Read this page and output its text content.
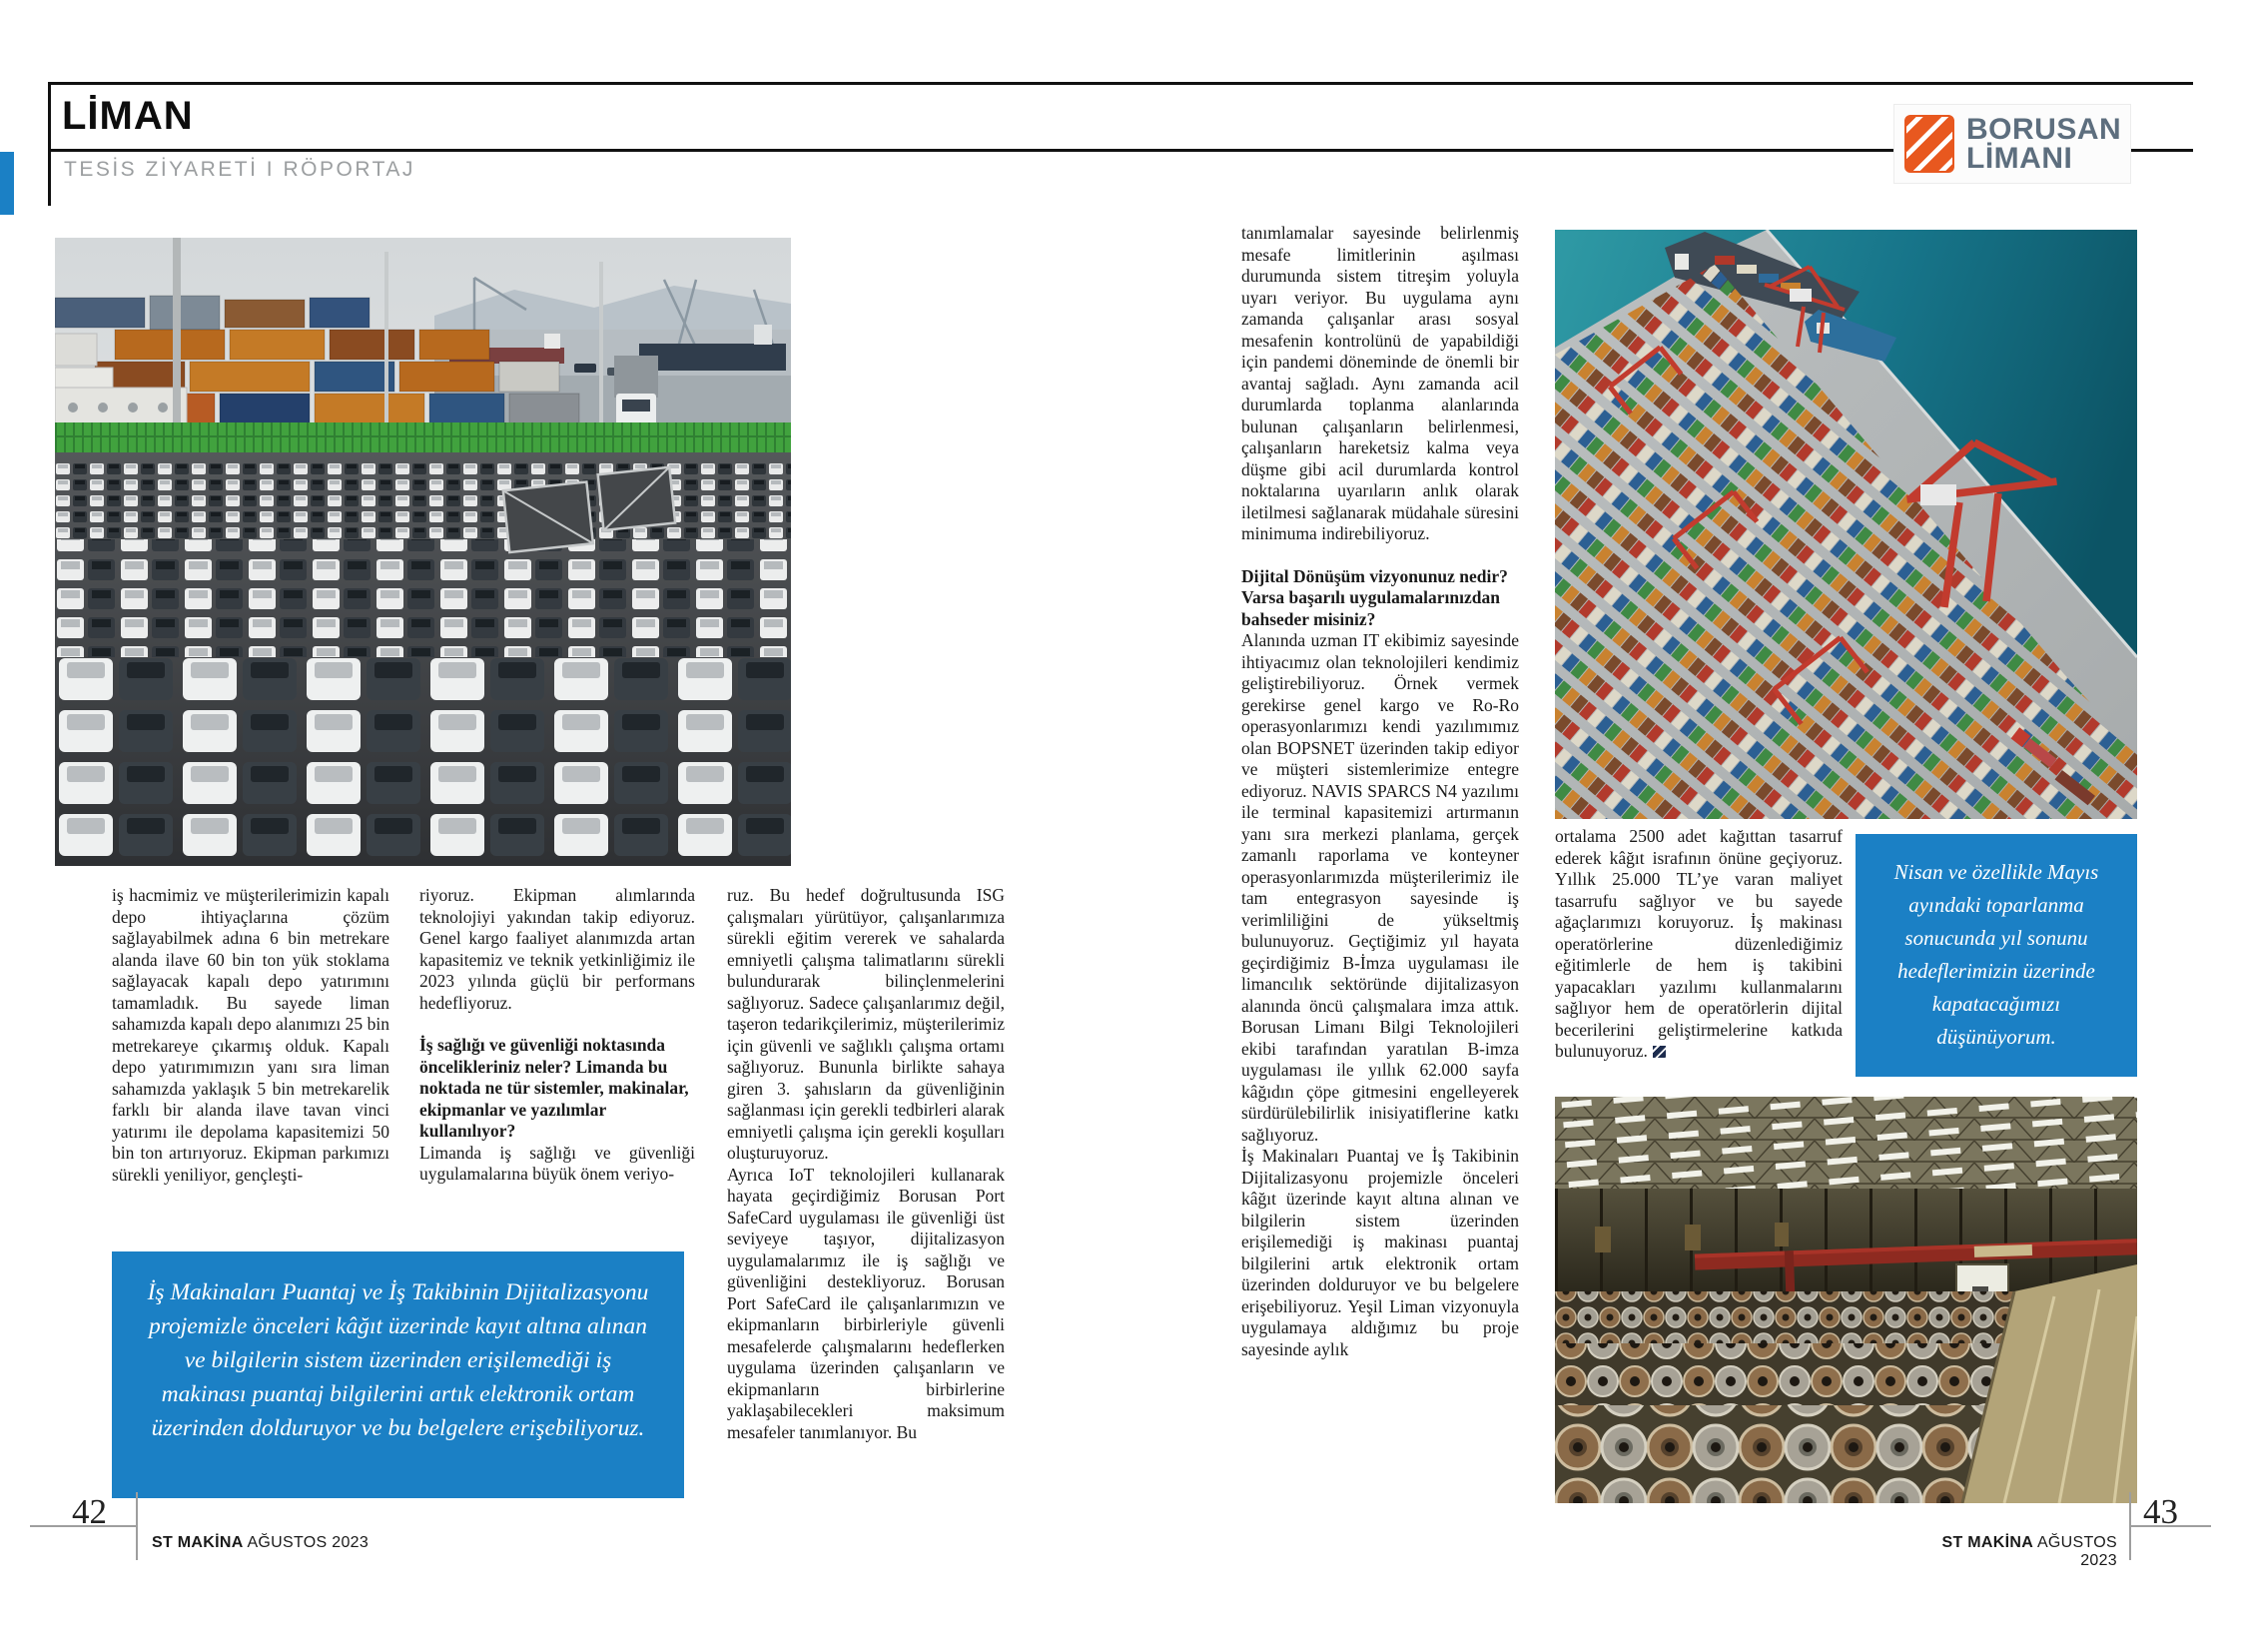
LİMAN
TESİS ZİYARETİ I RÖPORTAJ
BORUSAN
LİMANI

iş hacmimiz ve müşterilerimizin kapalı depo ihtiyaçlarına çözüm sağlayabilmek adına 6 bin metrekare alanda ilave 60 bin ton yük stoklama sağlayacak kapalı depo yatırımını tamamladık. Bu sayede liman sahamızda kapalı depo alanımızı 25 bin metrekareye çıkarmış olduk. Kapalı depo yatırımımızın yanı sıra liman sahamızda yaklaşık 5 bin metrekarelik farklı bir alanda ilave tavan vinci yatırımı ile depolama kapasitemizi 50 bin ton artırıyoruz. Ekipman parkımızı sürekli yeniliyor, gençleşti-

riyoruz. Ekipman alımlarında teknolojiyi yakından takip ediyoruz. Genel kargo faaliyet alanımızda artan kapasitemiz ve teknik yetkinliğimiz ile 2023 yılında güçlü bir performans hedefliyoruz.

İş sağlığı ve güvenliği noktasında öncelikleriniz neler? Limanda bu noktada ne tür sistemler, makinalar, ekipmanlar ve yazılımlar kullanılıyor?

Limanda iş sağlığı ve güvenliği uygulamalarına büyük önem veriyo-

ruz. Bu hedef doğrultusunda ISG çalışmaları yürütüyor, çalışanlarımıza sürekli eğitim vererek ve sahalarda emniyetli çalışma talimatlarını sürekli bulundurarak bilinçlenmelerini sağlıyoruz. Sadece çalışanlarımız değil, taşeron tedarikçilerimiz, müşterilerimiz için güvenli ve sağlıklı çalışma ortamı sağlıyoruz. Bununla birlikte sahaya giren 3. şahısların da güvenliğinin sağlanması için gerekli tedbirleri alarak emniyetli çalışma için gerekli koşulları oluşturuyoruz.

Ayrıca IoT teknolojileri kullanarak hayata geçirdiğimiz Borusan Port SafeCard uygulaması ile güvenliği üst seviyeye taşıyor, dijitalizasyon uygulamalarımız ile iş sağlığı ve güvenliğini destekliyoruz. Borusan Port SafeCard ile çalışanlarımızın ve ekipmanların birbirleriyle güvenli mesafelerde çalışmalarını hedeflerken uygulama üzerinden çalışanların ve ekipmanların birbirlerine yaklaşabilecekleri maksimum mesafeler tanımlanıyor. Bu

İş Makinaları Puantaj ve İş Takibinin Dijitalizasyonu projemizle önceleri kâğıt üzerinde kayıt altına alınan ve bilgilerin sistem üzerinden erişilemediği iş makinası puantaj bilgilerini artık elektronik ortam üzerinden dolduruyor ve bu belgelere erişebiliyoruz.

tanımlamalar sayesinde belirlenmiş mesafe limitlerinin aşılması durumunda sistem titreşim yoluyla uyarı veriyor. Bu uygulama aynı zamanda çalışanlar arası sosyal mesafenin kontrolünü de yapabildiği için pandemi döneminde de önemli bir avantaj sağladı. Aynı zamanda acil durumlarda toplanma alanlarında bulunan çalışanların belirlenmesi, çalışanların hareketsiz kalma veya düşme gibi acil durumlarda kontrol noktalarına uyarıların anlık olarak iletilmesi sağlanarak müdahale süresini minimuma indirebiliyoruz.

Dijital Dönüşüm vizyonunuz nedir? Varsa başarılı uygulamalarınızdan bahseder misiniz?

Alanında uzman IT ekibimiz sayesinde ihtiyacımız olan teknolojileri kendimiz geliştirebiliyoruz. Örnek vermek gerekirse genel kargo ve Ro-Ro operasyonlarımızı kendi yazılımımız olan BOPSNET üzerinden takip ediyor ve müşteri sistemlerimize entegre ediyoruz. NAVIS SPARCS N4 yazılımı ile terminal kapasitemizi artırmanın yanı sıra merkezi planlama, gerçek zamanlı raporlama ve konteyner operasyonlarımızda müşterilerimiz ile tam entegrasyon sayesinde iş verimliliğini de yükseltmiş bulunuyoruz. Geçtiğimiz yıl hayata geçirdiğimiz B-İmza uygulaması ile limancılık sektöründe dijitalizasyon alanında öncü çalışmalara imza attık. Borusan Limanı Bilgi Teknolojileri ekibi tarafından yaratılan B-imza uygulaması ile yıllık 62.000 sayfa kâğıdın çöpe gitmesini engelleyerek sürdürülebilirlik inisiyatiflerine katkı sağlıyoruz.

İş Makinaları Puantaj ve İş Takibinin Dijitalizasyonu projemizle önceleri kâğıt üzerinde kayıt altına alınan ve bilgilerin sistem üzerinden erişilemediği iş makinası puantaj bilgilerini artık elektronik ortam üzerinden dolduruyor ve bu belgelere erişebiliyoruz. Yeşil Liman vizyonuyla uygulamaya aldığımız bu proje sayesinde aylık

ortalama 2500 adet kağıttan tasarruf ederek kâğıt israfının önüne geçiyoruz. Yıllık 25.000 TL’ye varan maliyet tasarrufu sağlıyor ve bu sayede ağaçlarımızı koruyoruz. İş makinası operatörlerine düzenlediğimiz eğitimlerle de hem iş takibini yapacakları yazılımı kullanmalarını sağlıyor hem de operatörlerin dijital becerilerini geliştirmelerine katkıda bulunuyoruz.

Nisan ve özellikle Mayıs ayındaki toparlanma sonucunda yıl sonunu hedeflerimizin üzerinde kapatacağımızı düşünüyorum.

42
ST MAKİNA AĞUSTOS 2023	ST MAKİNA AĞUSTOS 2023
43
